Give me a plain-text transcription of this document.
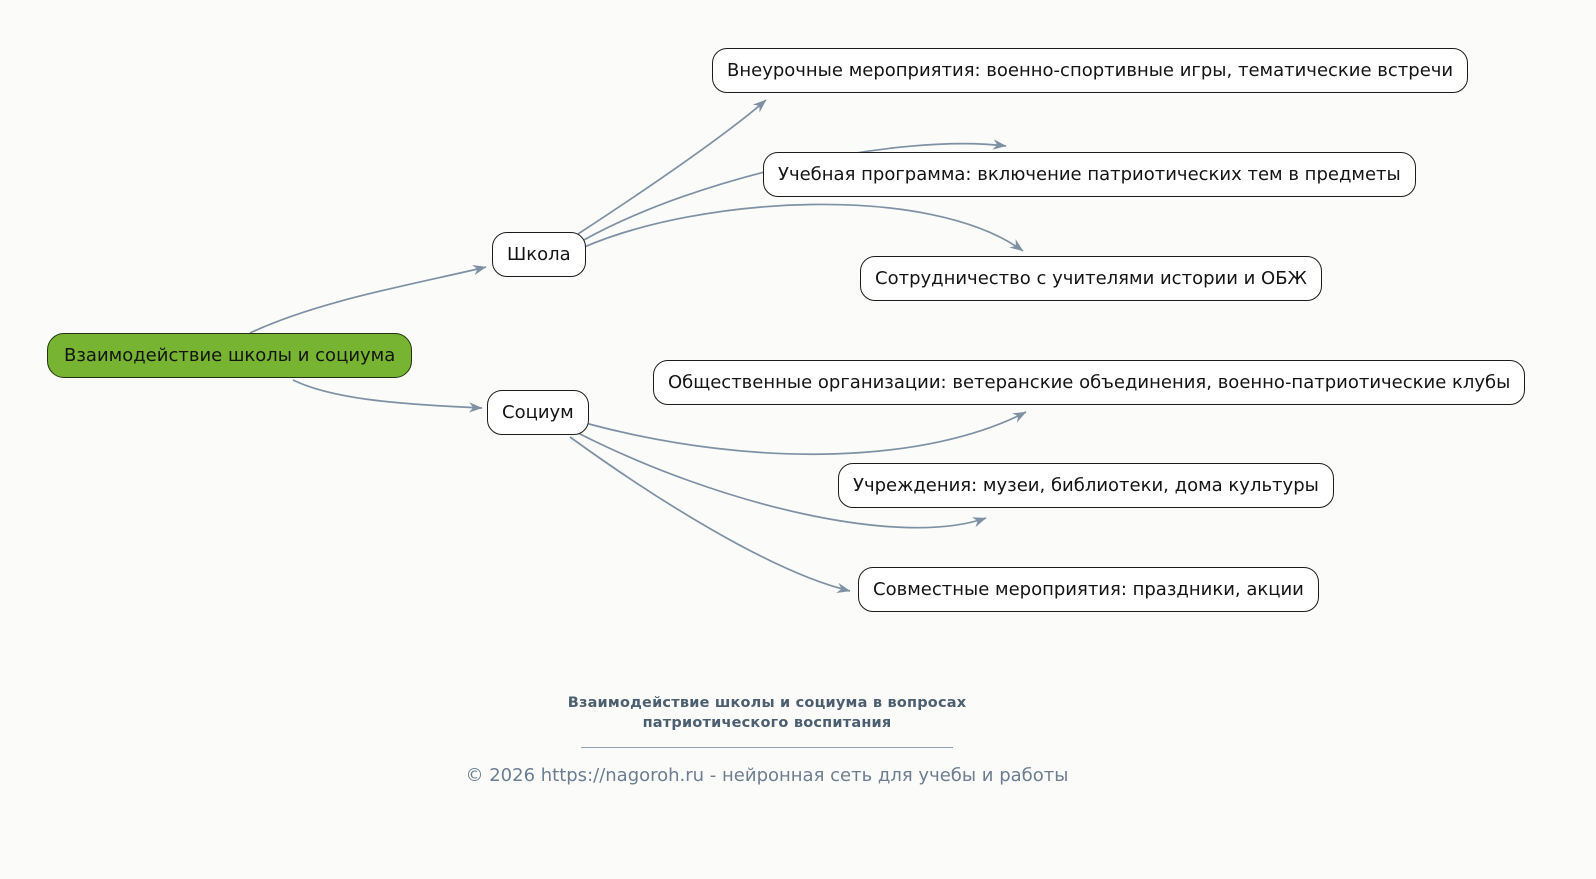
Взаимодействие школы и социума
Школа
Социум
Внеурочные мероприятия: военно-спортивные игры, тематические встречи
Учебная программа: включение патриотических тем в предметы
Сотрудничество с учителями истории и ОБЖ
Общественные организации: ветеранские объединения, военно-патриотические клубы
Учреждения: музеи, библиотеки, дома культуры
Совместные мероприятия: праздники, акции
Взаимодействие школы и социума в вопросах
патриотического воспитания
© 2026 https://nagoroh.ru - нейронная сеть для учебы и работы
